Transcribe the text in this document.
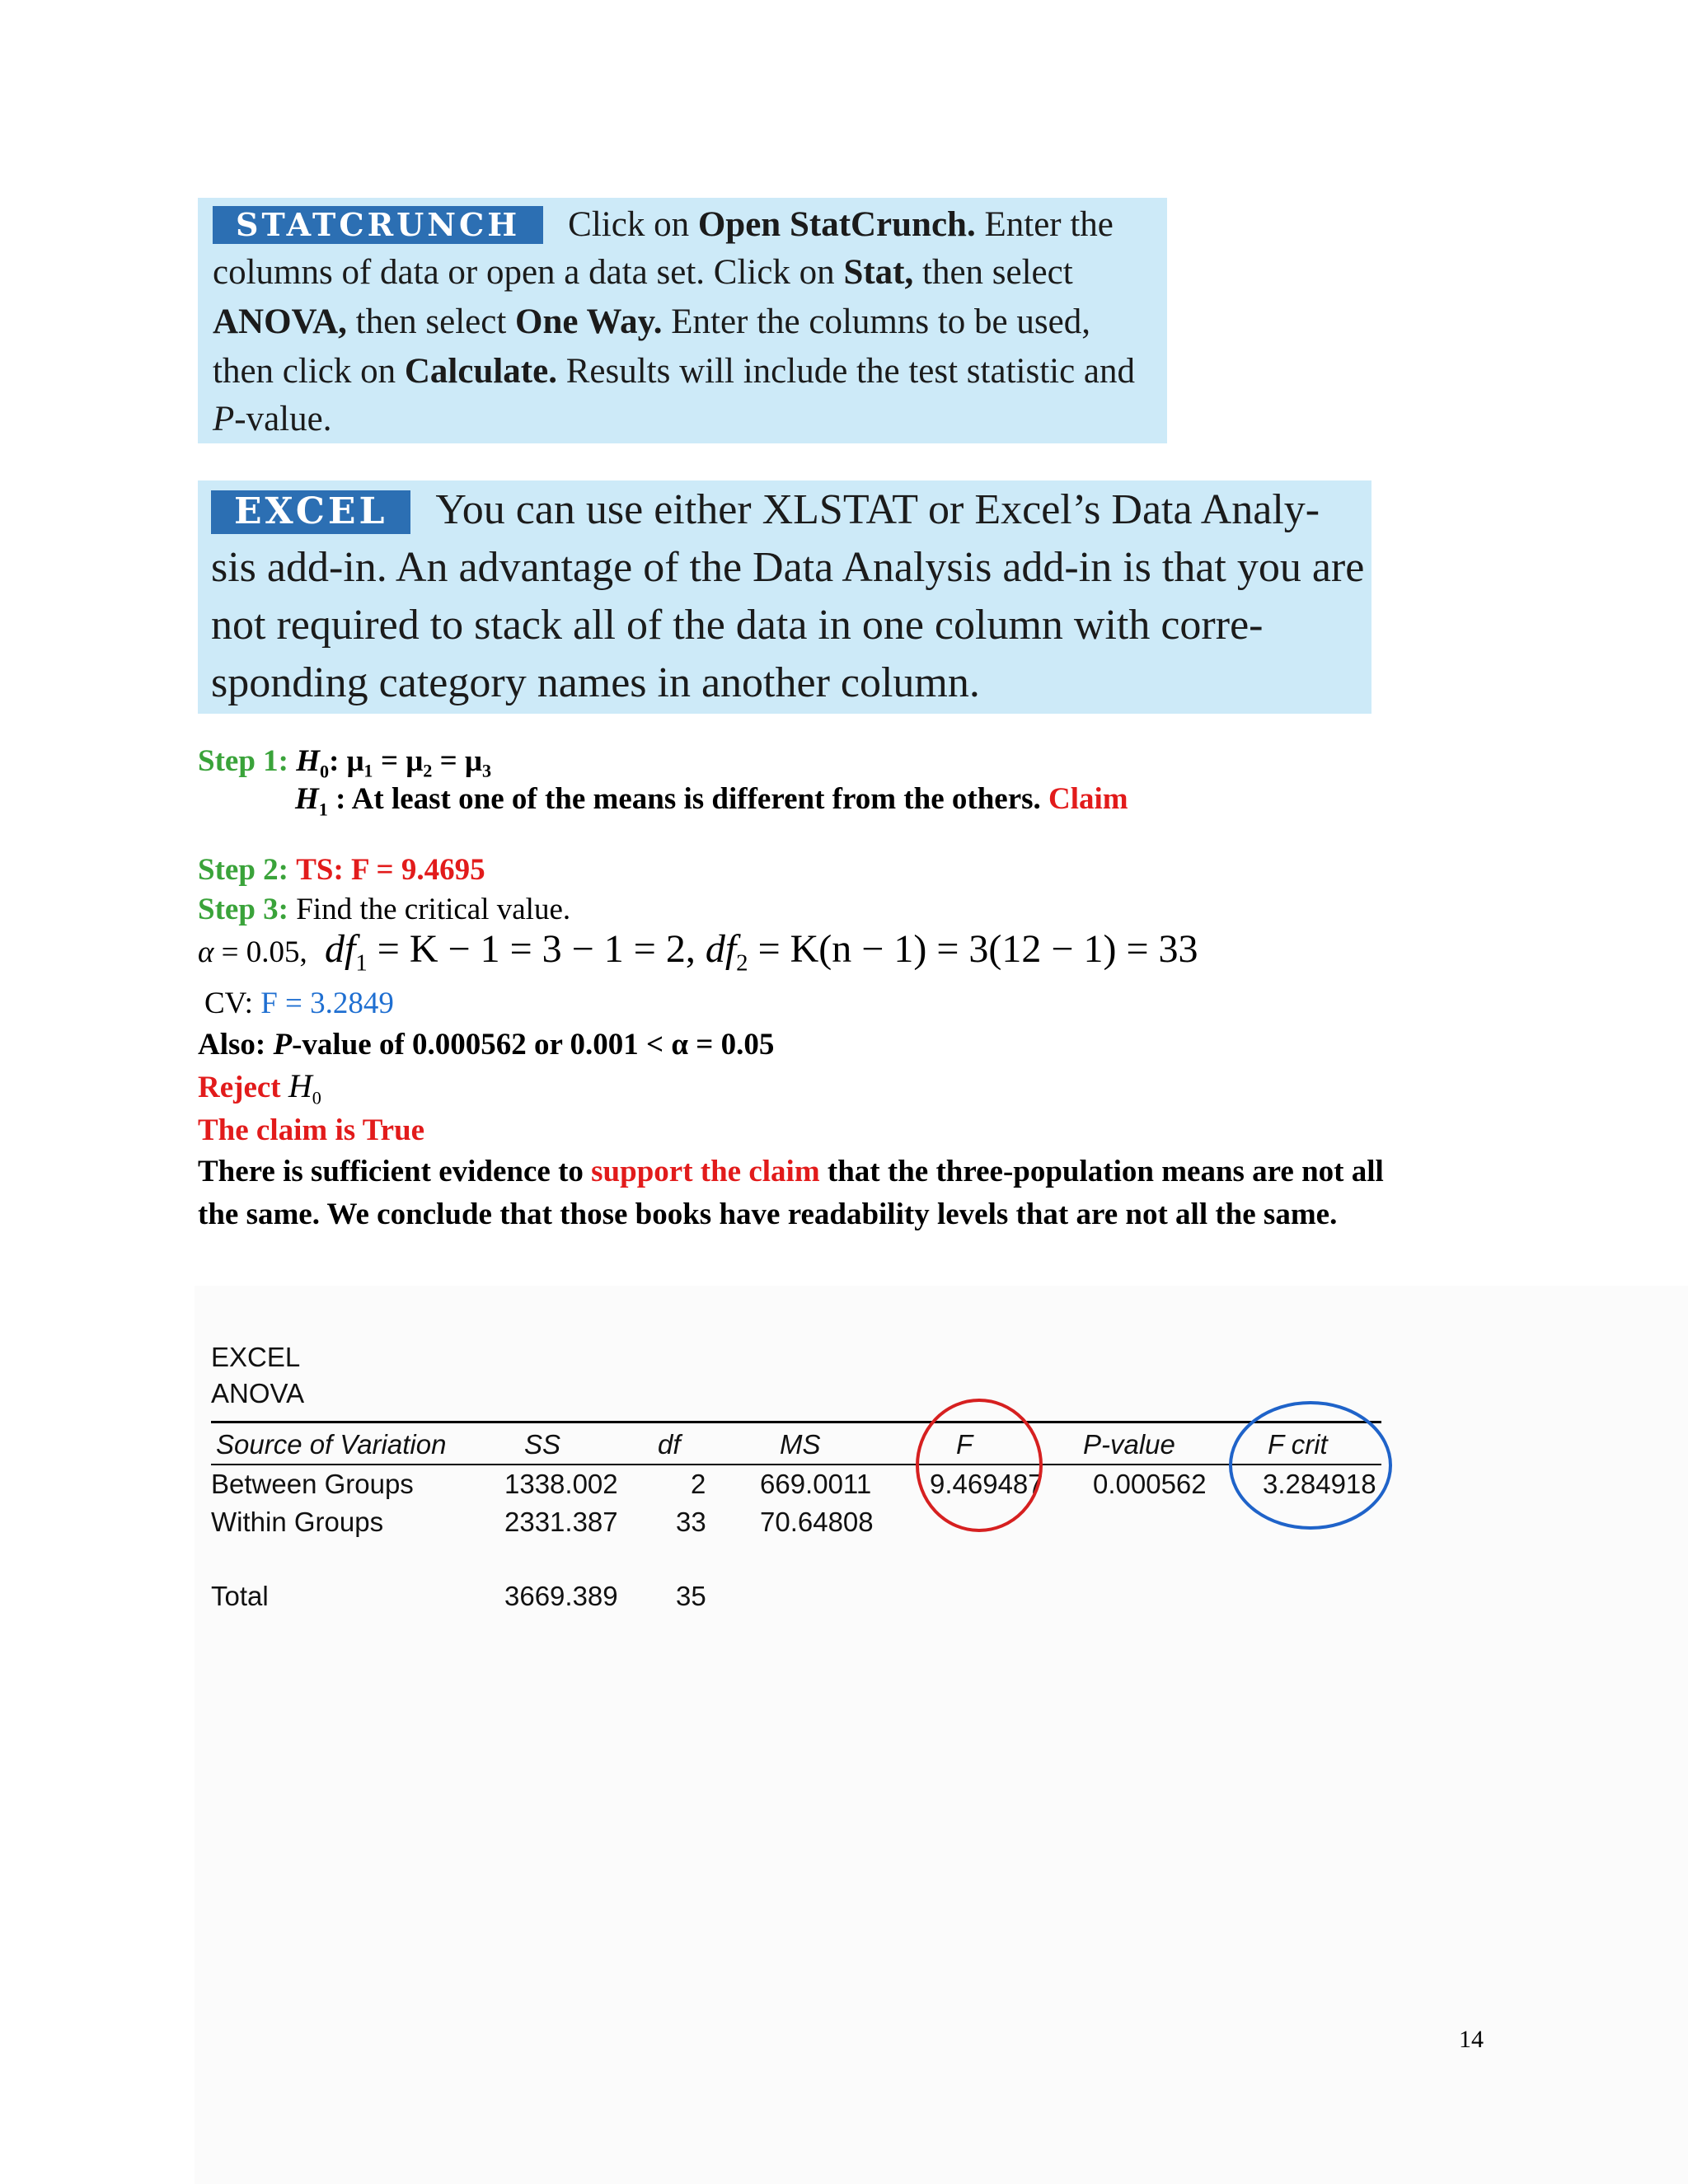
STATCRUNCH Click on Open StatCrunch. Enter the
columns of data or open a data set. Click on Stat, then select
ANOVA, then select One Way. Enter the columns to be used,
then click on Calculate. Results will include the test statistic and
P-value.
EXCEL You can use either XLSTAT or Excel’s Data Analy-
sis add-in. An advantage of the Data Analysis add-in is that you are
not required to stack all of the data in one column with corre-
sponding category names in another column.
Step 1: $H_0$: μ₁ = μ₂ = μ₃
$H_1$ : At least one of the means is different from the others. Claim
Step 2: TS: F = 9.4695
Step 3: Find the critical value.
α = 0.05, $df_1 = K - 1 = 3 - 1 = 2$, $df_2 = K(n - 1) = 3(12 - 1) = 33$
CV: F = 3.2849
Also: P-value of 0.000562 or 0.001 < α = 0.05
Reject $H_0$
The claim is True
There is sufficient evidence to support the claim that the three-population means are not all
the same. We conclude that those books have readability levels that are not all the same.
EXCEL
ANOVA
Source of Variation	SS	df	MS	F	P-value	F crit
Between Groups	1338.002	2 669.0011 9.469487 0.000562 3.284918
Within Groups	2331.387 33 70.64808
Total	3669.389 35
14
